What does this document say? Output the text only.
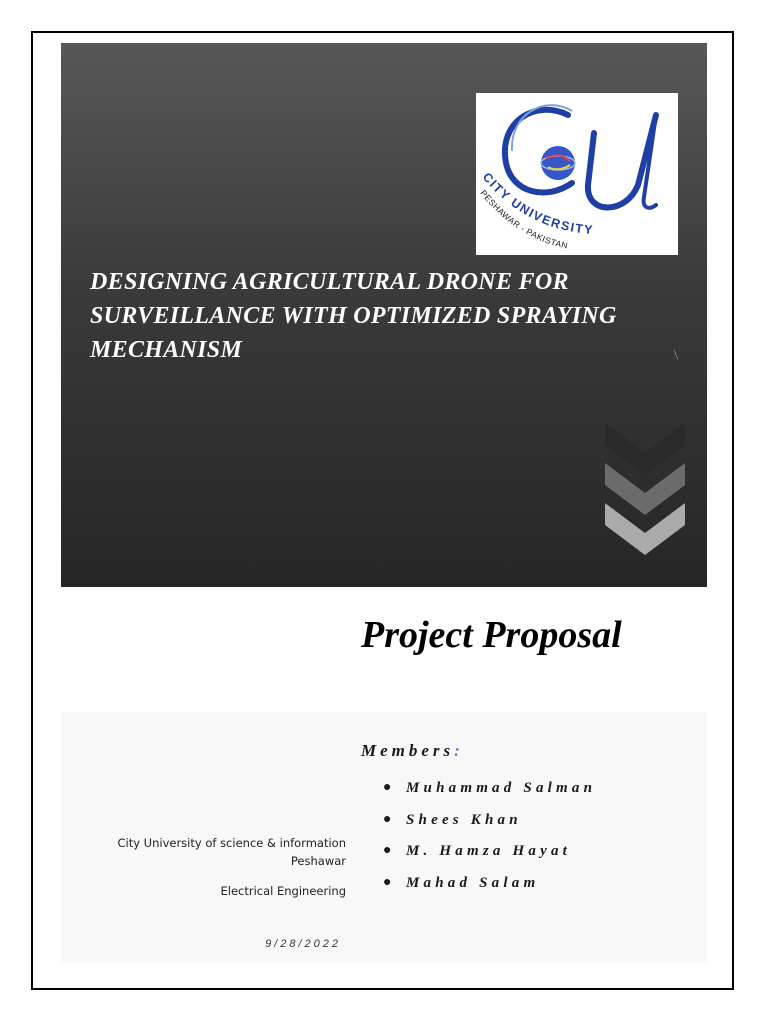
CITY UNIVERSITY
PESHAWAR - PAKISTAN
DESIGNING AGRICULTURAL DRONE FOR SURVEILLANCE WITH OPTIMIZED SPRAYING MECHANISM	\
Project Proposal
Members:
● Muhammad Salman
● Shees Khan
● M. Hamza Hayat
● Mahad Salam
City University of science & information Peshawar
Electrical Engineering
9/28/2022
